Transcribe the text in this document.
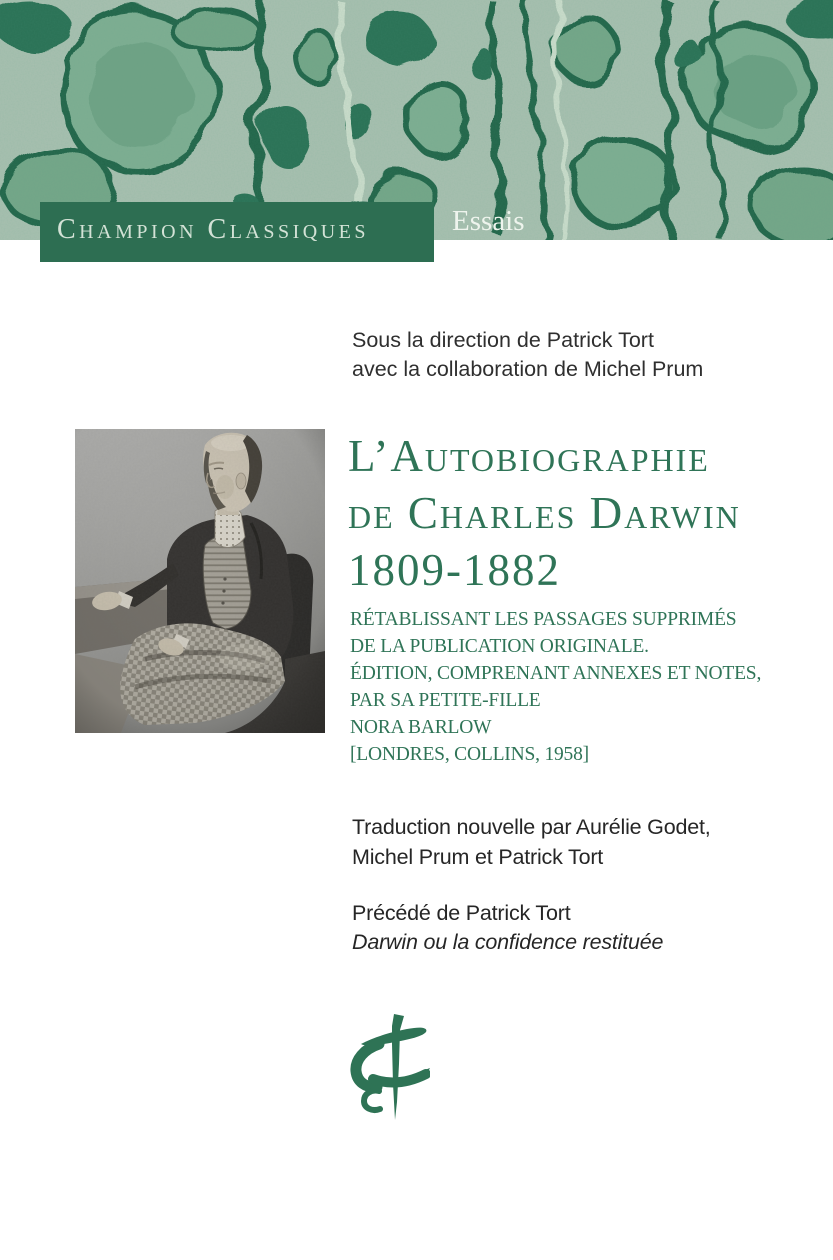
Champion Classiques	Essais
Sous la direction de Patrick Tort
avec la collaboration de Michel Prum
L’Autobiographie
de Charles Darwin
1809-1882
RÉTABLISSANT LES PASSAGES SUPPRIMÉS
DE LA PUBLICATION ORIGINALE.
ÉDITION, COMPRENANT ANNEXES ET NOTES,
PAR SA PETITE-FILLE
NORA BARLOW
[LONDRES, COLLINS, 1958]
Traduction nouvelle par Aurélie Godet,
Michel Prum et Patrick Tort
Précédé de Patrick Tort
Darwin ou la confidence restituée
